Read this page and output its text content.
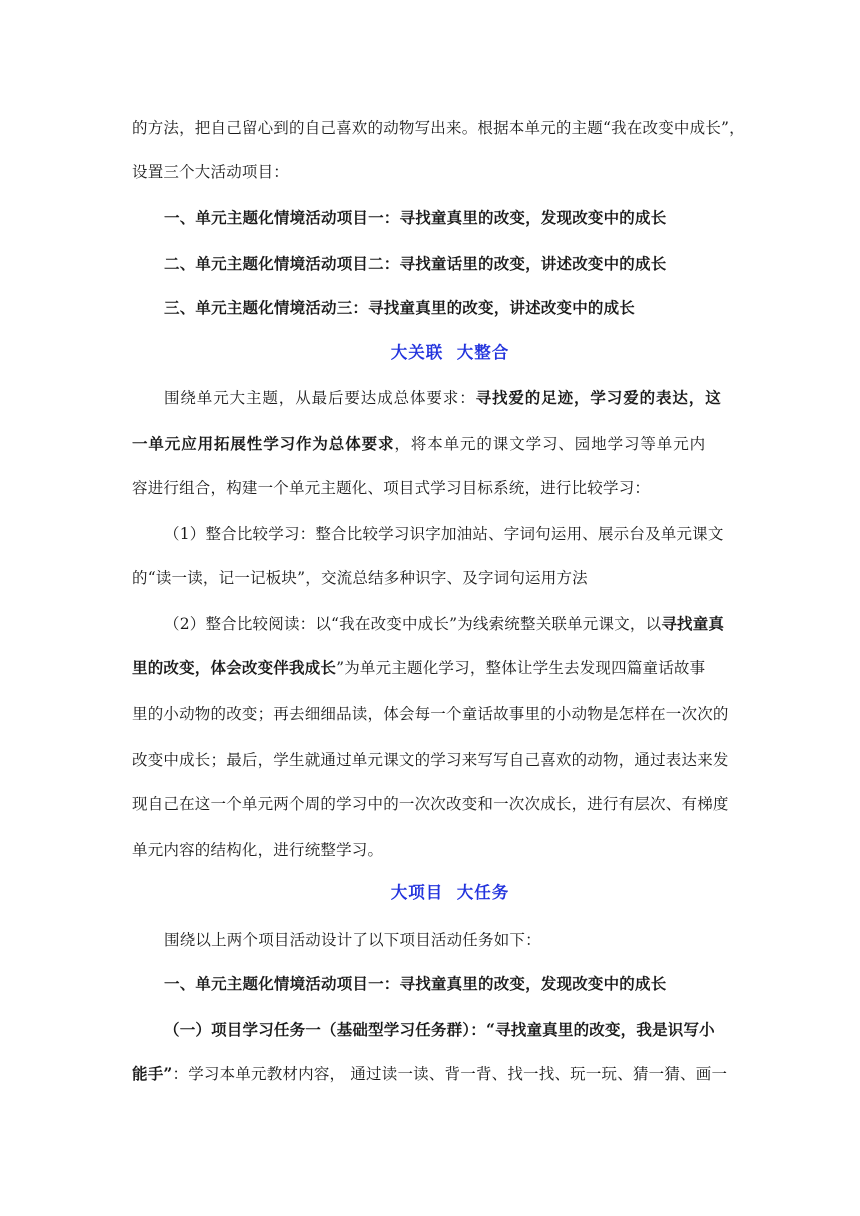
的方法，把自己留心到的自己喜欢的动物写出来。根据本单元的主题“我在改变中成长”，
设置三个大活动项目：
一、单元主题化情境活动项目一：寻找童真里的改变，发现改变中的成长
二、单元主题化情境活动项目二：寻找童话里的改变，讲述改变中的成长
三、单元主题化情境活动三：寻找童真里的改变，讲述改变中的成长
大关联  大整合
围绕单元大主题，从最后要达成总体要求：寻找爱的足迹，学习爱的表达，这
一单元应用拓展性学习作为总体要求，将本单元的课文学习、园地学习等单元内
容进行组合，构建一个单元主题化、项目式学习目标系统，进行比较学习：
（1）整合比较学习：整合比较学习识字加油站、字词句运用、展示台及单元课文
的“读一读，记一记板块”，交流总结多种识字、及字词句运用方法
（2）整合比较阅读：以“我在改变中成长”为线索统整关联单元课文，以寻找童真
里的改变，体会改变伴我成长”为单元主题化学习，整体让学生去发现四篇童话故事
里的小动物的改变；再去细细品读，体会每一个童话故事里的小动物是怎样在一次次的
改变中成长；最后，学生就通过单元课文的学习来写写自己喜欢的动物，通过表达来发
现自己在这一个单元两个周的学习中的一次次改变和一次次成长，进行有层次、有梯度
单元内容的结构化，进行统整学习。
大项目  大任务
围绕以上两个项目活动设计了以下项目活动任务如下：
一、单元主题化情境活动项目一：寻找童真里的改变，发现改变中的成长
（一）项目学习任务一（基础型学习任务群）：“寻找童真里的改变，我是识写小
能手”：学习本单元教材内容， 通过读一读、背一背、找一找、玩一玩、猜一猜、画一
